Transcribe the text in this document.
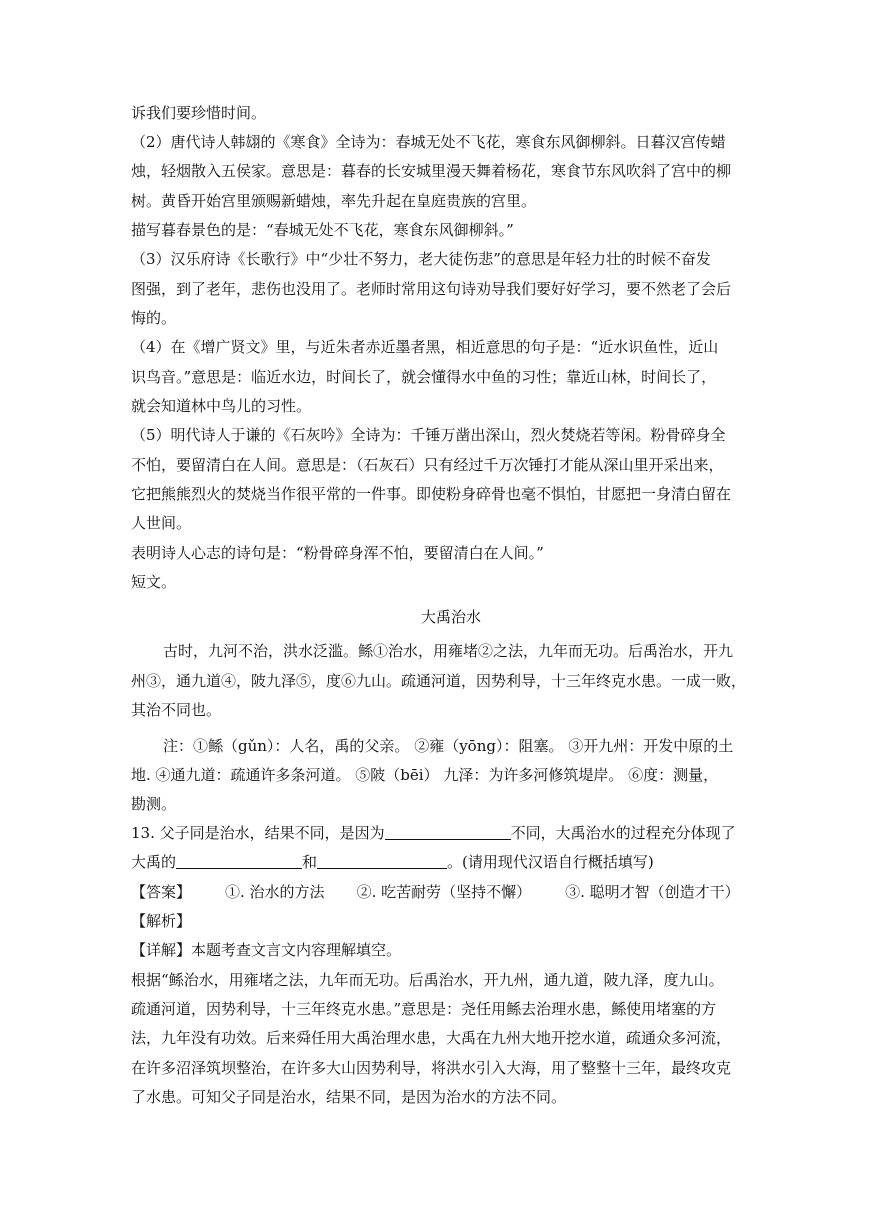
诉我们要珍惜时间。
（2）唐代诗人韩翃的《寒食》全诗为：春城无处不飞花，寒食东风御柳斜。日暮汉宫传蜡
烛，轻烟散入五侯家。意思是：暮春的长安城里漫天舞着杨花，寒食节东风吹斜了宫中的柳
树。黄昏开始宫里颁赐新蜡烛，率先升起在皇庭贵族的宫里。
描写暮春景色的是：“春城无处不飞花，寒食东风御柳斜。”
（3）汉乐府诗《长歌行》中“少壮不努力，老大徒伤悲”的意思是年轻力壮的时候不奋发
图强，到了老年，悲伤也没用了。老师时常用这句诗劝导我们要好好学习，要不然老了会后
悔的。
（4）在《增广贤文》里，与近朱者赤近墨者黑，相近意思的句子是：“近水识鱼性，近山
识鸟音。”意思是：临近水边，时间长了，就会懂得水中鱼的习性；靠近山林，时间长了，
就会知道林中鸟儿的习性。
（5）明代诗人于谦的《石灰吟》全诗为：千锤万凿出深山，烈火焚烧若等闲。粉骨碎身全
不怕，要留清白在人间。意思是：（石灰石）只有经过千万次锤打才能从深山里开采出来，
它把熊熊烈火的焚烧当作很平常的一件事。即使粉身碎骨也毫不惧怕，甘愿把一身清白留在
人世间。
表明诗人心志的诗句是：“粉骨碎身浑不怕，要留清白在人间。”
短文。
大禹治水
古时，九河不治，洪水泛滥。鲧①治水，用雍堵②之法，九年而无功。后禹治水，开九
州③，通九道④，陂九泽⑤，度⑥九山。疏通河道，因势利导，十三年终克水患。一成一败，
其治不同也。
注：①鲧（gǔn）：人名，禹的父亲。 ②雍（yōng）：阻塞。 ③开九州：开发中原的土
地. ④通九道：疏通许多条河道。 ⑤陂（bēi） 九泽：为许多河修筑堤岸。 ⑥度：测量，
勘测。
13. 父子同是治水，结果不同，是因为	不同，大禹治水的过程充分体现了
大禹的	和	。(请用现代汉语自行概括填写)
【答案】 ①. 治水的方法 ②. 吃苦耐劳（坚持不懈） ③. 聪明才智（创造才干）
【解析】
【详解】本题考查文言文内容理解填空。
根据“鲧治水，用雍堵之法，九年而无功。后禹治水，开九州，通九道，陂九泽，度九山。
疏通河道，因势利导，十三年终克水患。”意思是：尧任用鲧去治理水患，鲧使用堵塞的方
法，九年没有功效。后来舜任用大禹治理水患，大禹在九州大地开挖水道，疏通众多河流，
在许多沼泽筑坝整治，在许多大山因势利导，将洪水引入大海，用了整整十三年，最终攻克
了水患。可知父子同是治水，结果不同，是因为治水的方法不同。
